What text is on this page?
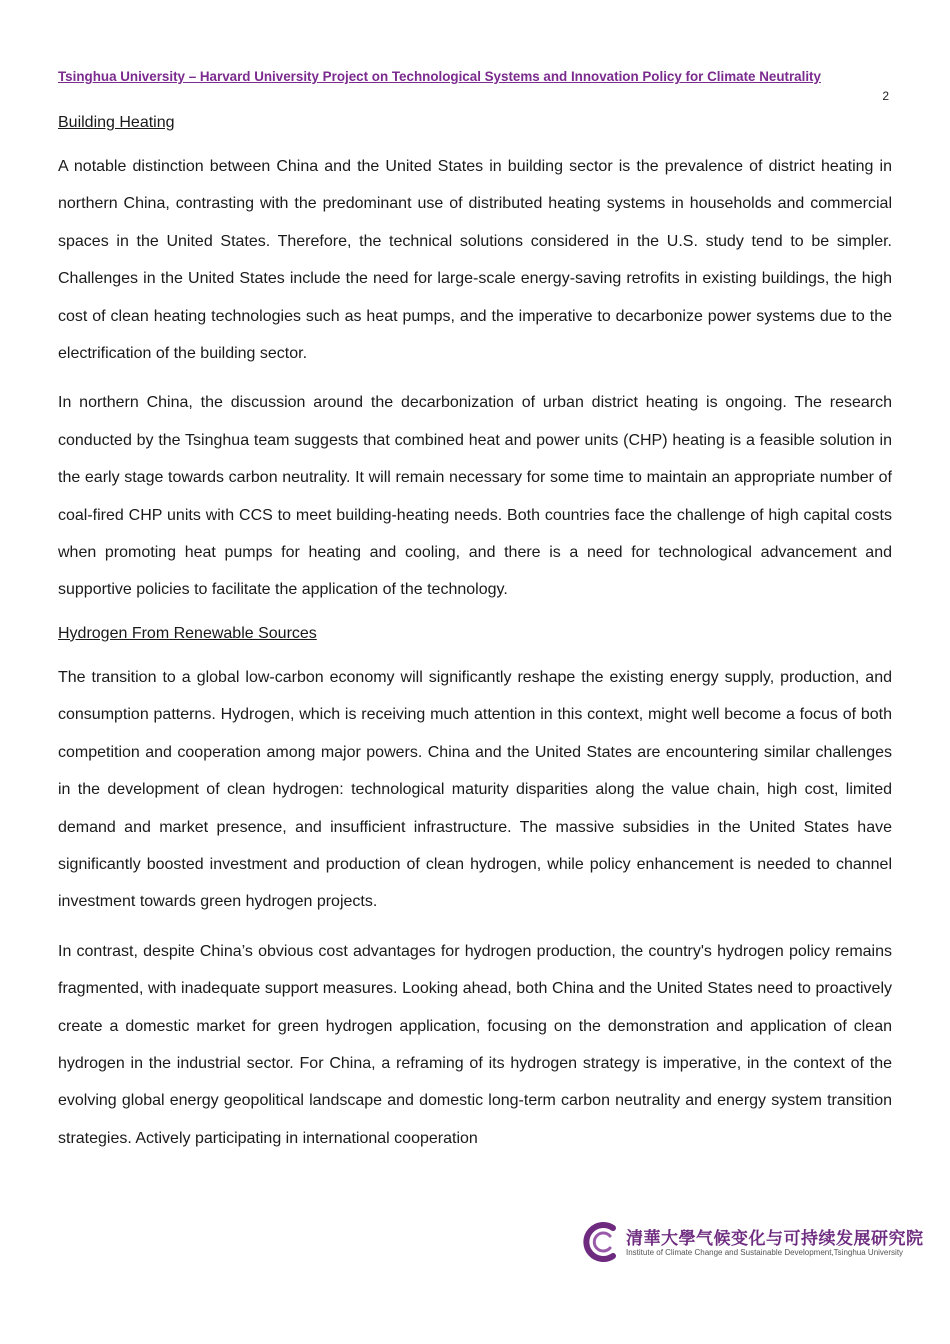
Tsinghua University – Harvard University Project on Technological Systems and Innovation Policy for Climate Neutrality
2
Building Heating

A notable distinction between China and the United States in building sector is the prevalence of district heating in northern China, contrasting with the predominant use of distributed heating systems in households and commercial spaces in the United States. Therefore, the technical solutions considered in the U.S. study tend to be simpler. Challenges in the United States include the need for large-scale energy-saving retrofits in existing buildings, the high cost of clean heating technologies such as heat pumps, and the imperative to decarbonize power systems due to the electrification of the building sector.

In northern China, the discussion around the decarbonization of urban district heating is ongoing. The research conducted by the Tsinghua team suggests that combined heat and power units (CHP) heating is a feasible solution in the early stage towards carbon neutrality. It will remain necessary for some time to maintain an appropriate number of coal-fired CHP units with CCS to meet building-heating needs. Both countries face the challenge of high capital costs when promoting heat pumps for heating and cooling, and there is a need for technological advancement and supportive policies to facilitate the application of the technology.

Hydrogen From Renewable Sources

The transition to a global low-carbon economy will significantly reshape the existing energy supply, production, and consumption patterns. Hydrogen, which is receiving much attention in this context, might well become a focus of both competition and cooperation among major powers. China and the United States are encountering similar challenges in the development of clean hydrogen: technological maturity disparities along the value chain, high cost, limited demand and market presence, and insufficient infrastructure. The massive subsidies in the United States have significantly boosted investment and production of clean hydrogen, while policy enhancement is needed to channel investment towards green hydrogen projects.

In contrast, despite China’s obvious cost advantages for hydrogen production, the country's hydrogen policy remains fragmented, with inadequate support measures. Looking ahead, both China and the United States need to proactively create a domestic market for green hydrogen application, focusing on the demonstration and application of clean hydrogen in the industrial sector. For China, a reframing of its hydrogen strategy is imperative, in the context of the evolving global energy geopolitical landscape and domestic long-term carbon neutrality and energy system transition strategies. Actively participating in international cooperation

清華大學气候变化与可持续发展研究院
Institute of Climate Change and Sustainable Development,Tsinghua University
